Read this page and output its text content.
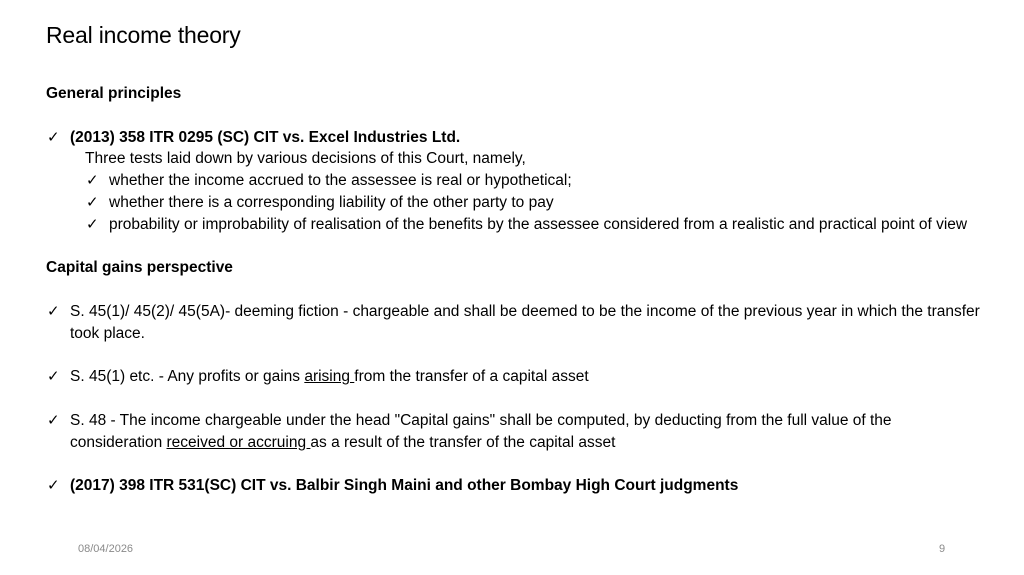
Real income theory
General principles
✓ (2013) 358 ITR 0295 (SC) CIT vs. Excel Industries Ltd.
Three tests laid down by various decisions of this Court, namely,
✓ whether the income accrued to the assessee is real or hypothetical;
✓ whether there is a corresponding liability of the other party to pay
✓ probability or improbability of realisation of the benefits by the assessee considered from a realistic and practical point of view
Capital gains perspective
✓ S. 45(1)/ 45(2)/ 45(5A)- deeming fiction - chargeable and shall be deemed to be the income of the previous year in which the transfer took place.
✓ S. 45(1) etc. - Any profits or gains arising from the transfer of a capital asset
✓ S. 48 - The income chargeable under the head "Capital gains" shall be computed, by deducting from the full value of the consideration received or accruing as a result of the transfer of the capital asset
✓ (2017) 398 ITR 531(SC) CIT vs. Balbir Singh Maini and other Bombay High Court judgments
08/04/2026	9
